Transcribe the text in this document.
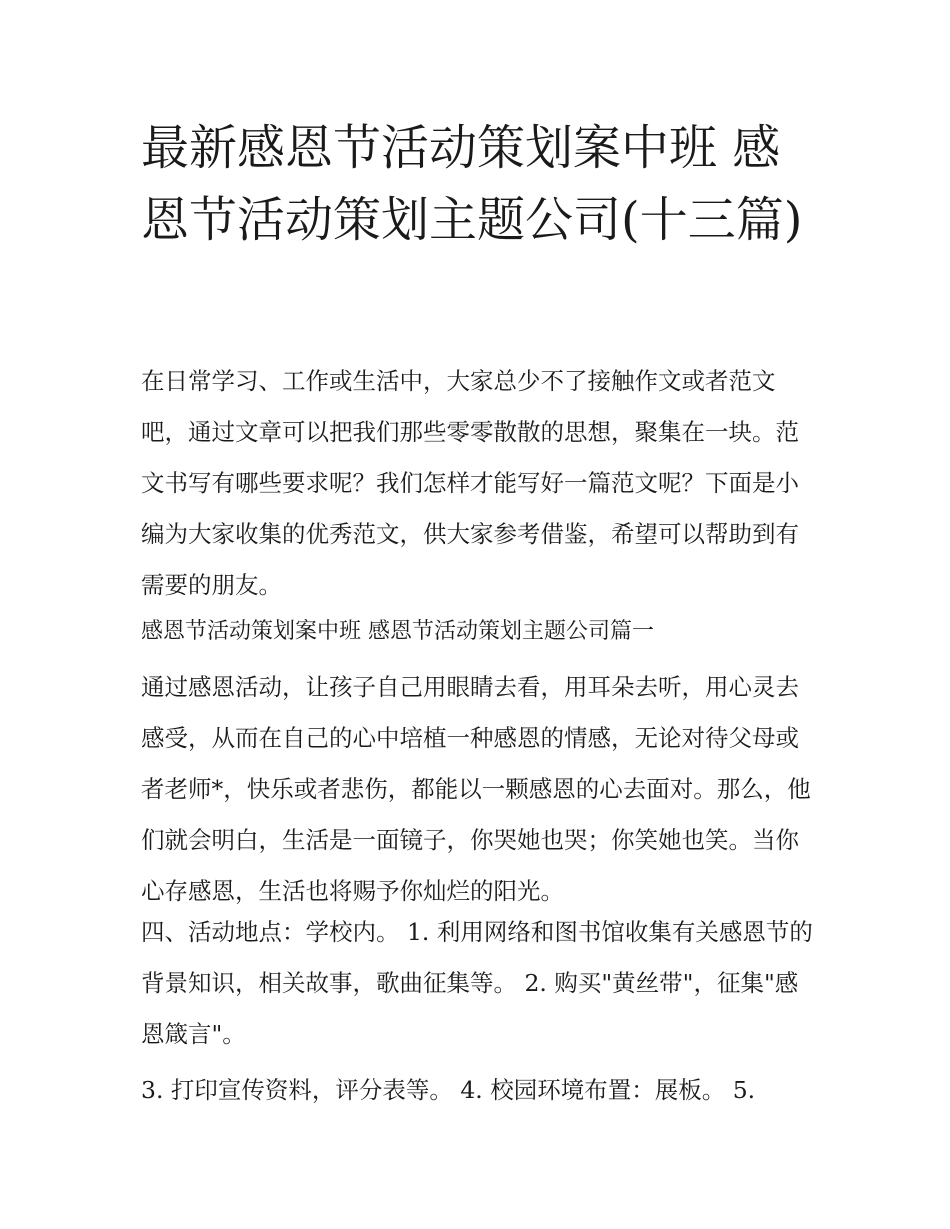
最新感恩节活动策划案中班 感恩节活动策划主题公司(十三篇)

在日常学习、工作或生活中，大家总少不了接触作文或者范文吧，通过文章可以把我们那些零零散散的思想，聚集在一块。范文书写有哪些要求呢？我们怎样才能写好一篇范文呢？下面是小编为大家收集的优秀范文，供大家参考借鉴，希望可以帮助到有需要的朋友。

感恩节活动策划案中班 感恩节活动策划主题公司篇一

通过感恩活动，让孩子自己用眼睛去看，用耳朵去听，用心灵去感受，从而在自己的心中培植一种感恩的情感，无论对待父母或者老师*，快乐或者悲伤，都能以一颗感恩的心去面对。那么，他们就会明白，生活是一面镜子，你哭她也哭；你笑她也笑。当你心存感恩，生活也将赐予你灿烂的阳光。

四、活动地点：学校内。 1. 利用网络和图书馆收集有关感恩节的背景知识，相关故事，歌曲征集等。 2. 购买"黄丝带"，征集"感恩箴言"。

3. 打印宣传资料，评分表等。 4. 校园环境布置：展板。 5.
